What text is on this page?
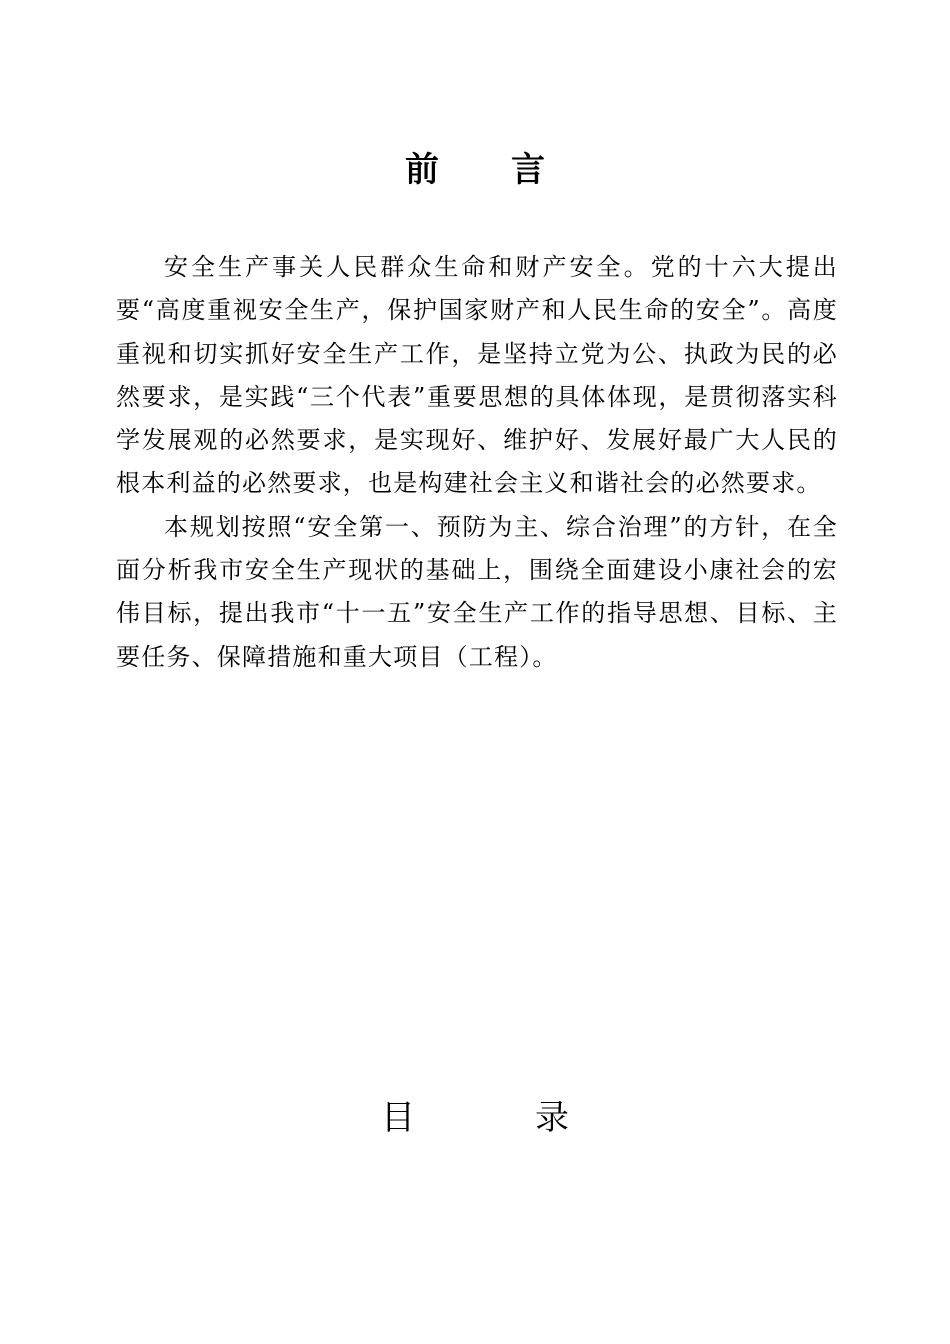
前 言

安全生产事关人民群众生命和财产安全。党的十六大提出要“高度重视安全生产，保护国家财产和人民生命的安全”。高度重视和切实抓好安全生产工作，是坚持立党为公、执政为民的必然要求，是实践“三个代表”重要思想的具体体现，是贯彻落实科学发展观的必然要求，是实现好、维护好、发展好最广大人民的根本利益的必然要求，也是构建社会主义和谐社会的必然要求。

本规划按照“安全第一、预防为主、综合治理”的方针，在全面分析我市安全生产现状的基础上，围绕全面建设小康社会的宏伟目标，提出我市“十一五”安全生产工作的指导思想、目标、主要任务、保障措施和重大项目（工程）。

目	录
